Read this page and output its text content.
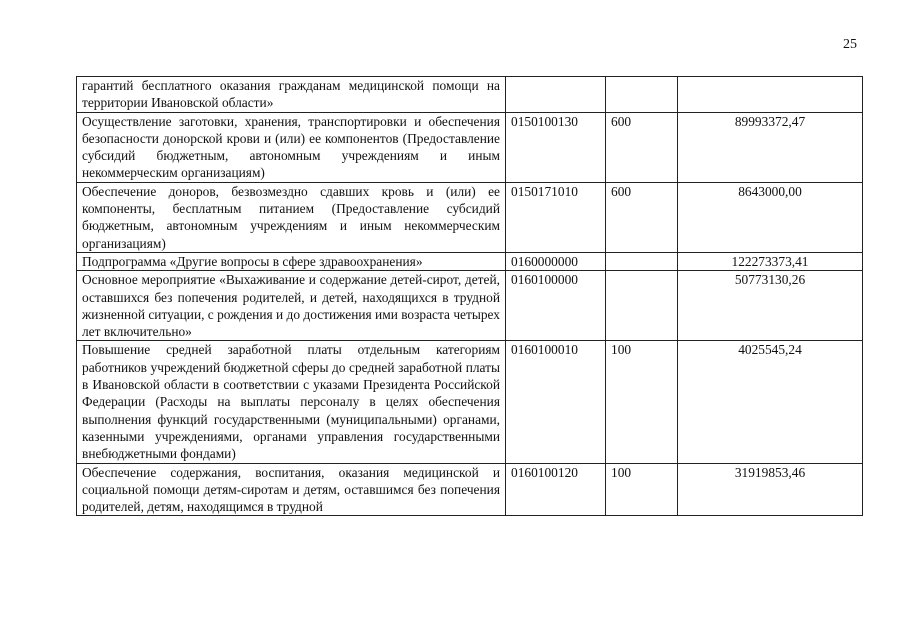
25
гарантий бесплатного оказания гражданам медицинской помощи на территории Ивановской области»			
Осуществление заготовки, хранения, транспортировки и обеспечения безопасности донорской крови и (или) ее компонентов (Предоставление субсидий бюджетным, автономным учреждениям и иным некоммерческим организациям)	0150100130	600	89993372,47
Обеспечение доноров, безвозмездно сдавших кровь и (или) ее компоненты, бесплатным питанием (Предоставление субсидий бюджетным, автономным учреждениям и иным некоммерческим организациям)	0150171010	600	8643000,00
Подпрограмма «Другие вопросы в сфере здравоохранения»	0160000000		122273373,41
Основное мероприятие «Выхаживание и содержание детей-сирот, детей, оставшихся без попечения родителей, и детей, находящихся в трудной жизненной ситуации, с рождения и до достижения ими возраста четырех лет включительно»	0160100000		50773130,26
Повышение средней заработной платы отдельным категориям работников учреждений бюджетной сферы до средней заработной платы в Ивановской области в соответствии с указами Президента Российской Федерации (Расходы на выплаты персоналу в целях обеспечения выполнения функций государственными (муниципальными) органами, казенными учреждениями, органами управления государственными внебюджетными фондами)	0160100010	100	4025545,24
Обеспечение содержания, воспитания, оказания медицинской и социальной помощи детям-сиротам и детям, оставшимся без попечения родителей, детям, находящимся в трудной	0160100120	100	31919853,46
